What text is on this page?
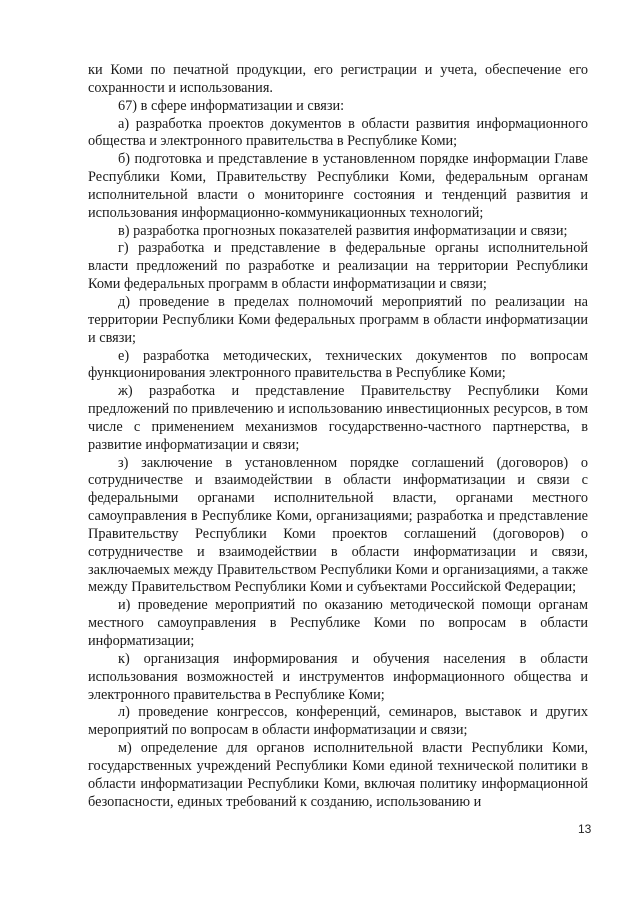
ки Коми по печатной продукции, его регистрации и учета, обеспечение его сохранности и использования.

67) в сфере информатизации и связи:

а) разработка проектов документов в области развития информационного общества и электронного правительства в Республике Коми;

б) подготовка и представление в установленном порядке информации Главе Республики Коми, Правительству Республики Коми, федеральным органам исполнительной власти о мониторинге состояния и тенденций развития и использования информационно-коммуникационных технологий;

в) разработка прогнозных показателей развития информатизации и связи;

г) разработка и представление в федеральные органы исполнительной власти предложений по разработке и реализации на территории Республики Коми федеральных программ в области информатизации и связи;

д) проведение в пределах полномочий мероприятий по реализации на территории Республики Коми федеральных программ в области информатизации и связи;

е) разработка методических, технических документов по вопросам функционирования электронного правительства в Республике Коми;

ж) разработка и представление Правительству Республики Коми предложений по привлечению и использованию инвестиционных ресурсов, в том числе с применением механизмов государственно-частного партнерства, в развитие информатизации и связи;

з) заключение в установленном порядке соглашений (договоров) о сотрудничестве и взаимодействии в области информатизации и связи с федеральными органами исполнительной власти, органами местного самоуправления в Республике Коми, организациями; разработка и представление Правительству Республики Коми проектов соглашений (договоров) о сотрудничестве и взаимодействии в области информатизации и связи, заключаемых между Правительством Республики Коми и организациями, а также между Правительством Республики Коми и субъектами Российской Федерации;

и) проведение мероприятий по оказанию методической помощи органам местного самоуправления в Республике Коми по вопросам в области информатизации;

к) организация информирования и обучения населения в области использования возможностей и инструментов информационного общества и электронного правительства в Республике Коми;

л) проведение конгрессов, конференций, семинаров, выставок и других мероприятий по вопросам в области информатизации и связи;

м) определение для органов исполнительной власти Республики Коми, государственных учреждений Республики Коми единой технической политики в области информатизации Республики Коми, включая политику информационной безопасности, единых требований к созданию, использованию и

13
